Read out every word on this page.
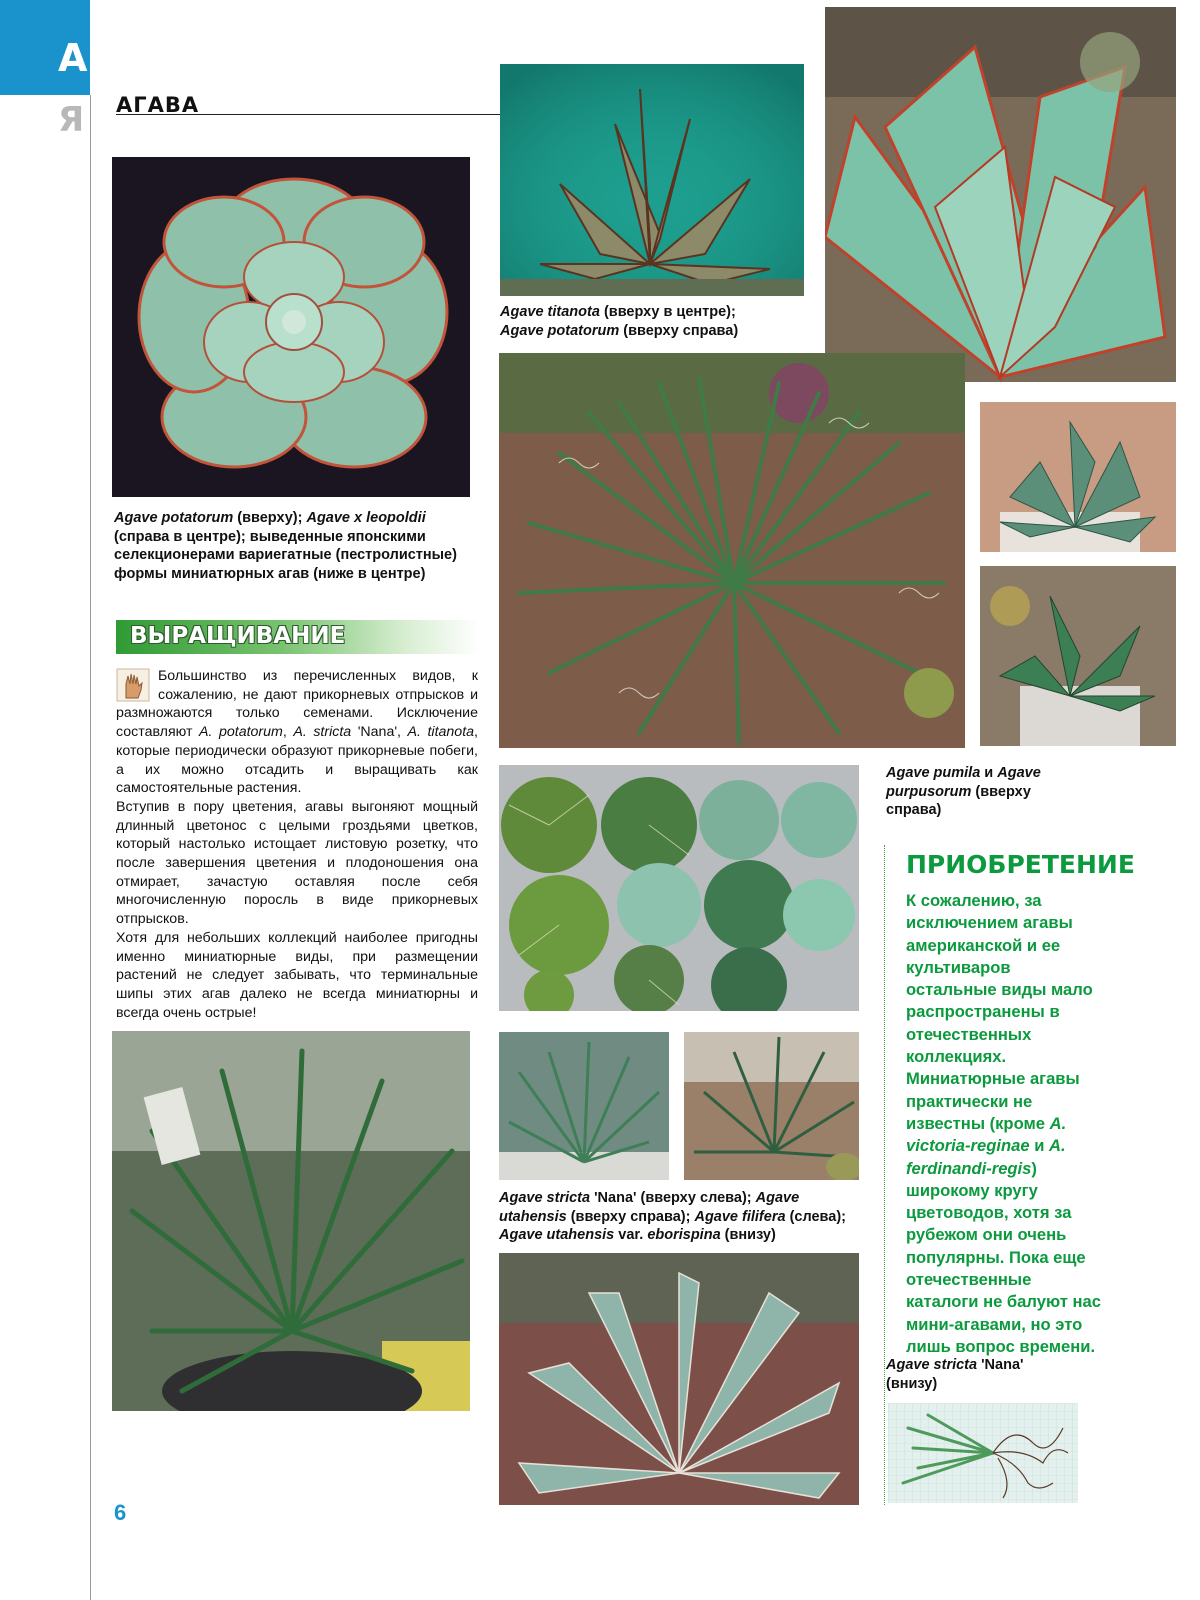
А
Я АГАВА
Agave potatorum (вверху); Agave x leopoldii (справа в центре); выведенные японскими селекционерами вариегатные (пестролистные) формы миниатюрных агав (ниже в центре)
Agave titanota (вверху в центре);
Agave potatorum (вверху справа)
Agave pumila и Agave purpusorum (вверху справа)
Agave stricta 'Nana' (вверху слева); Agave utahensis (вверху справа); Agave filifera (слева); Agave utahensis var. eborispina (внизу)
ВЫРАЩИВАНИЕ

Большинство из перечисленных видов, к сожалению, не дают прикорневых отпрысков и размножаются только семенами. Исключение составляют A. potatorum, A. stricta 'Nana', A. titanota, которые периодически образуют прикорневые побеги, а их можно отсадить и выращивать как самостоятельные растения.

Вступив в пору цветения, агавы выгоняют мощный длинный цветонос с целыми гроздьями цветков, который настолько истощает листовую розетку, что после завершения цветения и плодоношения она отмирает, зачастую оставляя после себя многочисленную поросль в виде прикорневых отпрысков.

Хотя для небольших коллекций наиболее пригодны именно миниатюрные виды, при размещении растений не следует забывать, что терминальные шипы этих агав далеко не всегда миниатюрны и всегда очень острые!

ПРИОБРЕТЕНИЕ
К сожалению, за исключением агавы американской и ее культиваров остальные виды мало распространены в отечественных коллекциях. Миниатюрные агавы практически не известны (кроме A. victoria-reginae и A. ferdinandi-regis) широкому кругу цветоводов, хотя за рубежом они очень популярны. Пока еще отечественные каталоги не балуют нас мини-агавами, но это лишь вопрос времени.
Agave stricta 'Nana'
(внизу)
6
